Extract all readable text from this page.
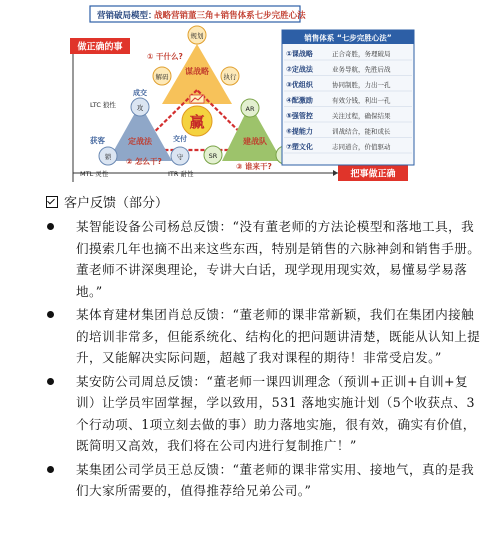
营销破局模型：
战略营销董三角+销售体系七步完胜心法
做正确的事
把事做正确
谋战略
规划
解码	执行
① 干什么?
赢
定战法
攻
成交
LTC 狼性
锁
获客
MTL 灵性
守
交付
ITR 耐性
② 怎么干?
建战队
AR
SR
③ 谁来干?
销售体系 “七步完胜心法”
①课战略	正合奇胜，务理破局
②定战法	业务导航，先胜后战
③优组织	协同制胜，力出一孔
④配激励	有效分钱，利出一孔
⑤强管控	关注过程，确保结果
⑥提能力	训战结合，能和成长
⑦塑文化	志同道合，价值驱动
客户反馈（部分）
某智能设备公司杨总反馈：“没有董老师的方法论模型和落地工具，我们摸索几年也摘不出来这些东西，特别是销售的六脉神剑和销售手册。董老师不讲深奥理论，专讲大白话，现学现用现实效，易懂易学易落地。”
某体育建材集团肖总反馈：“董老师的课非常新颖，我们在集团内接触的培训非常多，但能系统化、结构化的把问题讲清楚，既能从认知上提升，又能解决实际问题，超越了我对课程的期待！非常受启发。”
某安防公司周总反馈：“董老师一课四训理念（预训+正训+自训+复训）让学员牢固掌握，学以致用，531 落地实施计划（5个收获点、3个行动项、1项立刻去做的事）助力落地实施，很有效，确实有价值，既简明又高效，我们将在公司内进行复制推广！”
某集团公司学员王总反馈：“董老师的课非常实用、接地气，真的是我们大家所需要的，值得推荐给兄弟公司。”
